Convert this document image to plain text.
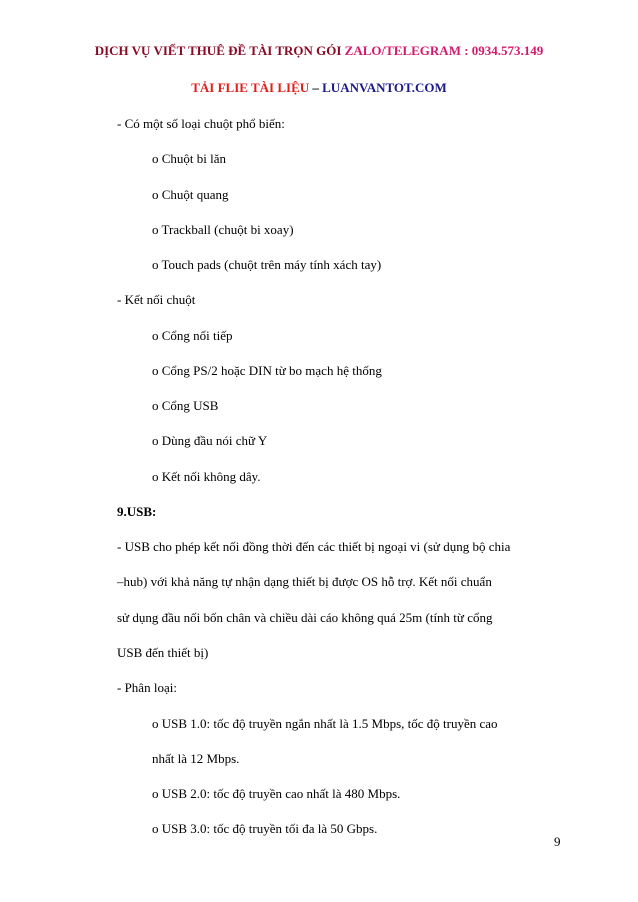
DỊCH VỤ VIẾT THUÊ ĐỀ TÀI TRỌN GÓI ZALO/TELEGRAM : 0934.573.149
TẢI FLIE TÀI LIỆU – LUANVANTOT.COM
- Có một số loại chuột phổ biến:
o Chuột bi lăn
o Chuột quang
o Trackball (chuột bi xoay)
o Touch pads (chuột trên máy tính xách tay)
- Kết nối chuột
o Cổng nối tiếp
o Cổng PS/2 hoặc DIN từ bo mạch hệ thống
o Cổng USB
o Dùng đầu nói chữ Y
o Kết nối không dây.
9.USB:
- USB cho phép kết nối đồng thời đến các thiết bị ngoại vi (sử dụng bộ chia
–hub) với khả năng tự nhận dạng thiết bị được OS hỗ trợ. Kết nối chuẩn
sử dụng đầu nối bốn chân và chiều dài cáo không quá 25m (tính từ cổng
USB đến thiết bị)
- Phân loại:
o USB 1.0: tốc độ truyền ngắn nhất là 1.5 Mbps, tốc độ truyền cao
nhất là 12 Mbps.
o USB 2.0: tốc độ truyền cao nhất là 480 Mbps.
o USB 3.0: tốc độ truyền tối đa là 50 Gbps.
9
